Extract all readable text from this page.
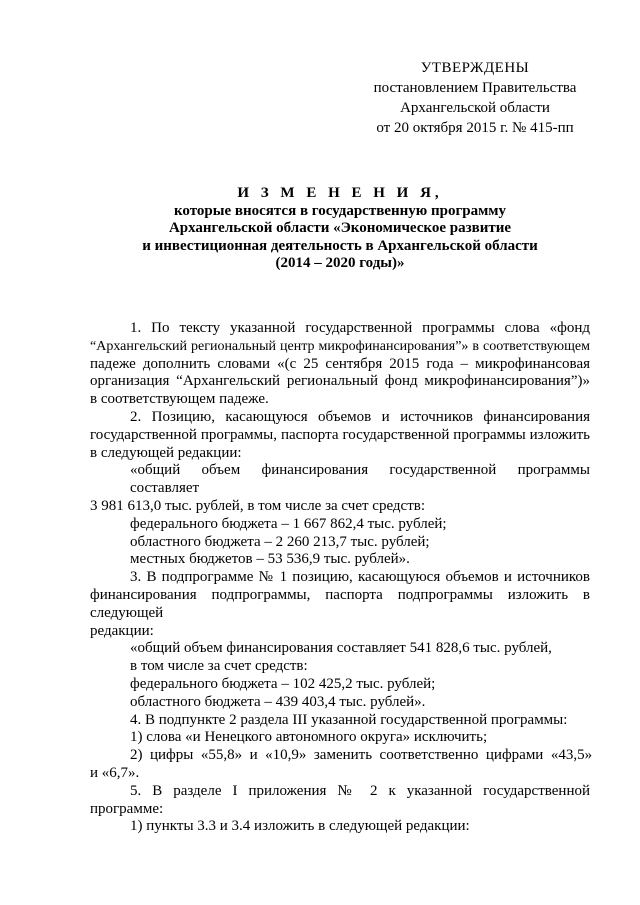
УТВЕРЖДЕНЫ
постановлением Правительства
Архангельской области
от 20 октября 2015 г. № 415-пп
И З М Е Н Е Н И Я,
которые вносятся в государственную программу
Архангельской области «Экономическое развитие
и инвестиционная деятельность в Архангельской области
(2014 – 2020 годы)»
1. По тексту указанной государственной программы слова «фонд
“Архангельский региональный центр микрофинансирования”» в соответствующем
падеже дополнить словами «(с 25 сентября 2015 года – микрофинансовая
организация “Архангельский региональный фонд микрофинансирования”)»
в соответствующем падеже.
2. Позицию, касающуюся объемов и источников финансирования
государственной программы, паспорта государственной программы изложить
в следующей редакции:
«общий объем финансирования государственной программы составляет
3 981 613,0 тыс. рублей, в том числе за счет средств:
федерального бюджета – 1 667 862,4 тыс. рублей;
областного бюджета – 2 260 213,7 тыс. рублей;
местных бюджетов – 53 536,9 тыс. рублей».
3. В подпрограмме № 1 позицию, касающуюся объемов и источников
финансирования подпрограммы, паспорта подпрограммы изложить в следующей
редакции:
«общий объем финансирования составляет 541 828,6 тыс. рублей,
в том числе за счет средств:
федерального бюджета – 102 425,2 тыс. рублей;
областного бюджета – 439 403,4 тыс. рублей».
4. В подпункте 2 раздела III указанной государственной программы:
1) слова «и Ненецкого автономного округа» исключить;
2)  цифры  «55,8»  и  «10,9»  заменить  соответственно  цифрами  «43,5»
и «6,7».
5. В разделе I приложения № 2 к указанной государственной
программе:
1) пункты 3.3 и 3.4 изложить в следующей редакции:
